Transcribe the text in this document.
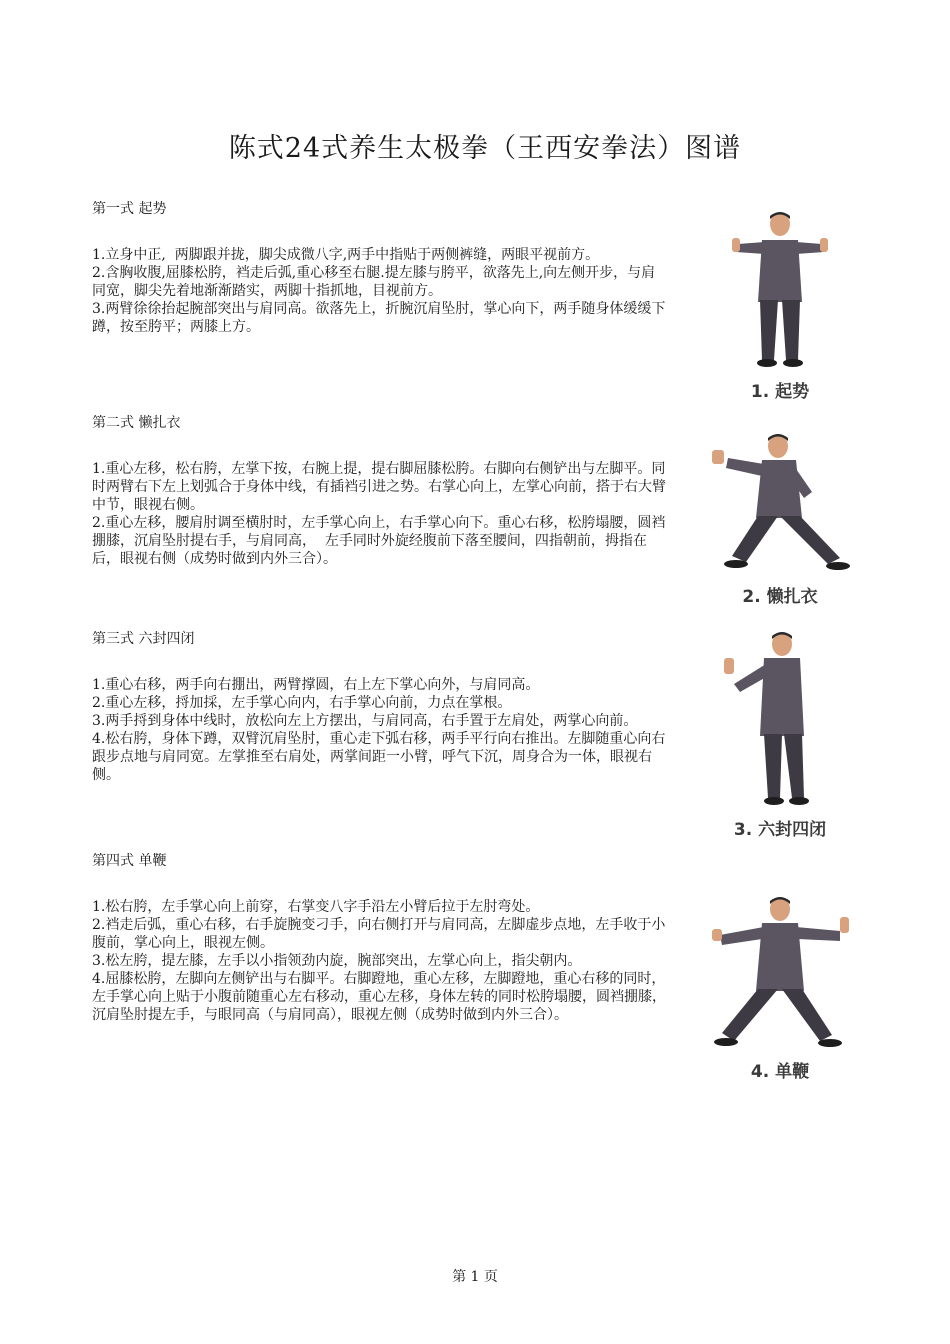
陈式24式养生太极拳（王西安拳法）图谱
第一式 起势

1.立身中正,  两脚跟并拢，脚尖成微八字,两手中指贴于两侧裤缝，两眼平视前方。

2.含胸收腹,屈膝松胯，裆走后弧,重心移至右腿.提左膝与胯平，欲落先上,向左侧开步，与肩同宽，脚尖先着地渐渐踏实，两脚十指抓地，目视前方。

3.两臂徐徐抬起腕部突出与肩同高。欲落先上，折腕沉肩坠肘，掌心向下，两手随身体缓缓下蹲，按至胯平；两膝上方。

第二式 懒扎衣

1.重心左移，松右胯，左掌下按，右腕上提，提右脚屈膝松胯。右脚向右侧铲出与左脚平。同时两臂右下左上划弧合于身体中线，有插裆引进之势。右掌心向上，左掌心向前，搭于右大臂中节，眼视右侧。

2.重心左移，腰肩肘调至横肘时，左手掌心向上，右手掌心向下。重心右移，松胯塌腰，圆裆掤膝，沉肩坠肘提右手，与肩同高，  左手同时外旋经腹前下落至腰间，四指朝前，拇指在后，眼视右侧（成势时做到内外三合）。

第三式 六封四闭

1.重心右移，两手向右掤出，两臂撑圆，右上左下掌心向外，与肩同高。

2.重心左移，捋加採，左手掌心向内，右手掌心向前，力点在掌根。

3.两手捋到身体中线时，放松向左上方摆出，与肩同高，右手置于左肩处，两掌心向前。

4.松右胯，身体下蹲，双臂沉肩坠肘，重心走下弧右移，两手平行向右推出。左脚随重心向右跟步点地与肩同宽。左掌推至右肩处，两掌间距一小臂，呼气下沉，周身合为一体，眼视右侧。

第四式 单鞭

1.松右胯，左手掌心向上前穿，右掌变八字手沿左小臂后拉于左肘弯处。

2.裆走后弧，重心右移，右手旋腕变刁手，向右侧打开与肩同高，左脚虚步点地，左手收于小腹前，掌心向上，眼视左侧。

3.松左胯，提左膝，左手以小指领劲内旋，腕部突出，左掌心向上，指尖朝内。

4.屈膝松胯，左脚向左侧铲出与右脚平。右脚蹬地，重心左移，左脚蹬地，重心右移的同时，左手掌心向上贴于小腹前随重心左右移动，重心左移，身体左转的同时松胯塌腰，圆裆掤膝，沉肩坠肘提左手，与眼同高（与肩同高），眼视左侧（成势时做到内外三合）。

1. 起势
2. 懒扎衣
3. 六封四闭
4. 单鞭
第 1 页
